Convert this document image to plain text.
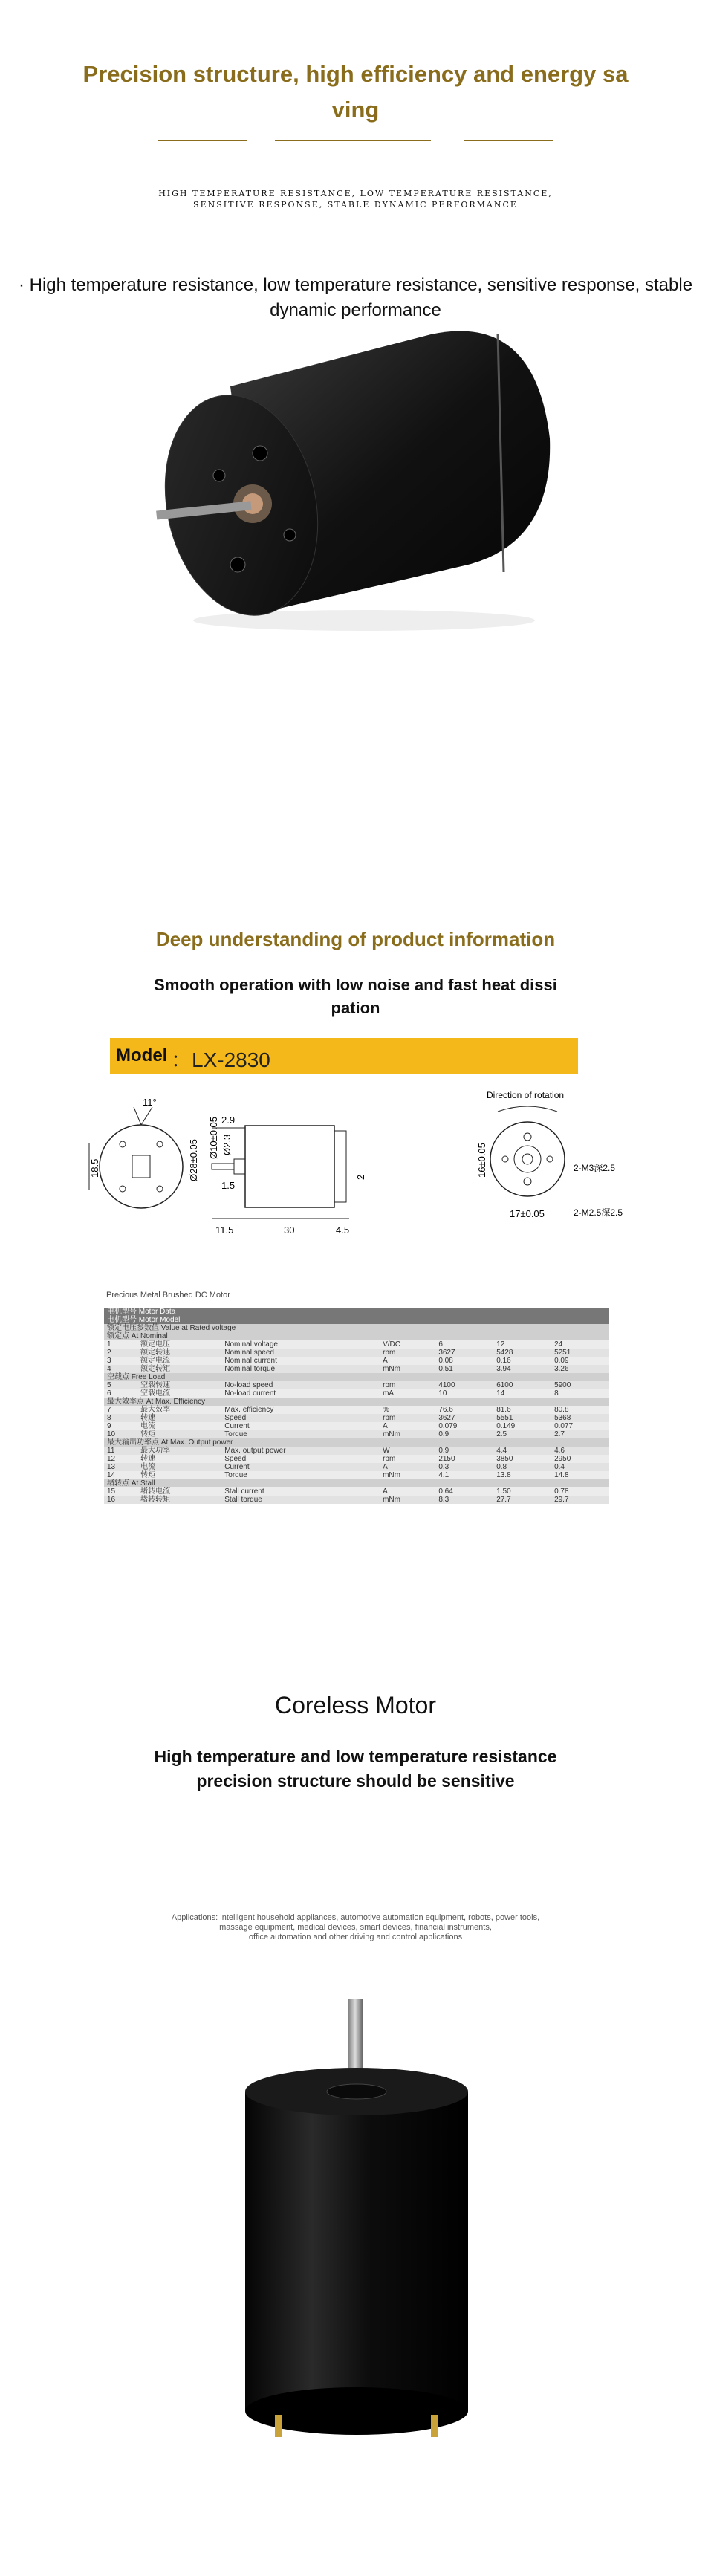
Precision structure, high efficiency and energy sa
ving
HIGH TEMPERATURE RESISTANCE, LOW TEMPERATURE RESISTANCE,
SENSITIVE RESPONSE, STABLE DYNAMIC PERFORMANCE
· High temperature resistance, low temperature resistance, sensitive response, stable
dynamic performance
Deep understanding of product information
Smooth operation with low noise and fast heat dissi
pation
Model ：LX-2830
11°
18.5	Ø28±0.05
Ø10±0.05 Ø2.3
2.9
1.5
11.5	30	4.5
2
Direction of rotation
16±0.05
17±0.05
2-M3深2.5
2-M2.5深2.5
Precious Metal Brushed DC Motor
电机型号 Motor Data						
电机型号 Motor Model						
额定电压参数值 Value at Rated voltage						
额定点 At Nominal						
1	额定电压	Nominal voltage	V/DC	6	12	24
2	额定转速	Nominal speed	rpm	3627	5428	5251
3	额定电流	Nominal current	A	0.08	0.16	0.09
4	额定转矩	Nominal torque	mNm	0.51	3.94	3.26
空载点 Free Load						
5	空载转速	No-load speed	rpm	4100	6100	5900
6	空载电流	No-load current	mA	10	14	8
最大效率点 At Max. Efficiency						
7	最大效率	Max. efficiency	%	76.6	81.6	80.8
8	转速	Speed	rpm	3627	5551	5368
9	电流	Current	A	0.079	0.149	0.077
10	转矩	Torque	mNm	0.9	2.5	2.7
最大输出功率点 At Max. Output power						
11	最大功率	Max. output power	W	0.9	4.4	4.6
12	转速	Speed	rpm	2150	3850	2950
13	电流	Current	A	0.3	0.8	0.4
14	转矩	Torque	mNm	4.1	13.8	14.8
堵转点 At Stall						
15	堵转电流	Stall current	A	0.64	1.50	0.78
16	堵转转矩	Stall torque	mNm	8.3	27.7	29.7
Coreless Motor
High temperature and low temperature resistance
precision structure should be sensitive
Applications: intelligent household appliances, automotive automation equipment, robots, power tools,
massage equipment, medical devices, smart devices, financial instruments,
office automation and other driving and control applications
